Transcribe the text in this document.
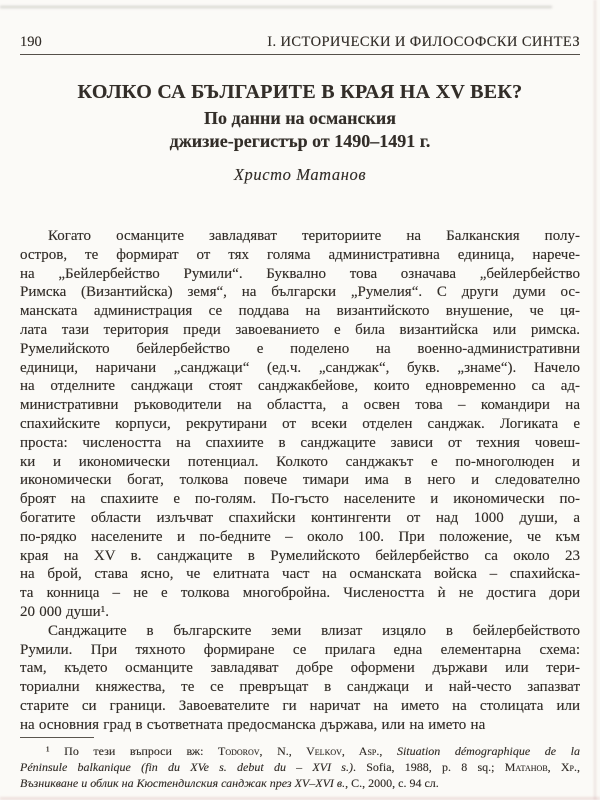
190	І. ИСТОРИЧЕСКИ И ФИЛОСОФСКИ СИНТЕЗ
КОЛКО СА БЪЛГАРИТЕ В КРАЯ НА XV ВЕК?
По данни на османския
джизие-регистър от 1490–1491 г.
Христо Матанов
Когато османците завладяват териториите на Балканския полу-
остров, те формират от тях голяма административна единица, нарече-
на „Бейлербейство Румили“. Буквално това означава „бейлербейство
Римска (Византийска) земя“, на български „Румелия“. С други думи ос-
манската администрация се поддава на византийското внушение, че ця-
лата тази територия преди завоеванието е била византийска или римска.
Румелийското бейлербейство е поделено на военно-административни
единици, наричани „санджаци“ (ед.ч. „санджак“, букв. „знаме“). Начело
на отделните санджаци стоят санджакбейове, които едновременно са ад-
министративни ръководители на областта, а освен това – командири на
спахийските корпуси, рекрутирани от всеки отделен санджак. Логиката е
проста: числеността на спахиите в санджаците зависи от техния човеш-
ки и икономически потенциал. Колкото санджакът е по-многолюден и
икономически богат, толкова повече тимари има в него и следователно
броят на спахиите е по-голям. По-гъсто населените и икономически по-
богатите области излъчват спахийски контингенти от над 1000 души, а
по-рядко населените и по-бедните – около 100. При положение, че към
края на XV в. санджаците в Румелийското бейлербейство са около 23
на брой, става ясно, че елитната част на османската войска – спахийска-
та конница – не е толкова многобройна. Числеността ѝ не достига дори
20 000 души¹.
Санджаците в българските земи влизат изцяло в бейлербейството
Румили. При тяхното формиране се прилага една елементарна схема:
там, където османците завладяват добре оформени държави или тери-
ториални княжества, те се превръщат в санджаци и най-често запазват
старите си граници. Завоевателите ги наричат на името на столицата или
на основния град в съответната предосманска държава, или на името на
¹ По тези въпроси вж: Todorov, N., Velkov, Asp., Situation démographique de la
Péninsule balkanique (fin du XVe s. debut du – XVI s.). Sofia, 1988, p. 8 sq.; Матанов, Хр.,
Възникване и облик на Кюстендилския санджак през XV–XVI в., С., 2000, с. 94 сл.
